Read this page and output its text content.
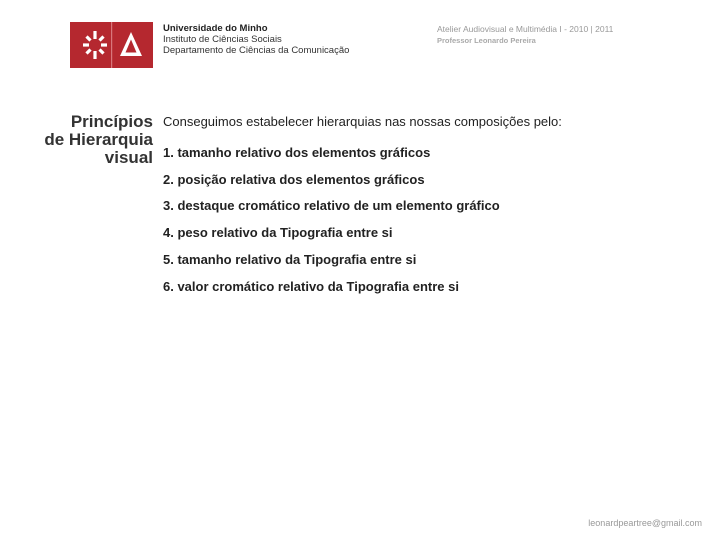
Universidade do Minho
Instituto de Ciências Sociais
Departamento de Ciências da Comunicação
Atelier Audiovisual e Multimédia I - 2010 | 2011
Professor Leonardo Pereira
Princípios
de Hierarquia
visual
Conseguimos estabelecer hierarquias nas nossas composições pelo:
1. tamanho relativo dos elementos gráficos
2. posição relativa dos elementos gráficos
3. destaque cromático relativo de um elemento gráfico
4. peso relativo da Tipografia entre si
5. tamanho relativo da Tipografia entre si
6. valor cromático relativo da Tipografia entre si
leonardpeartree@gmail.com
